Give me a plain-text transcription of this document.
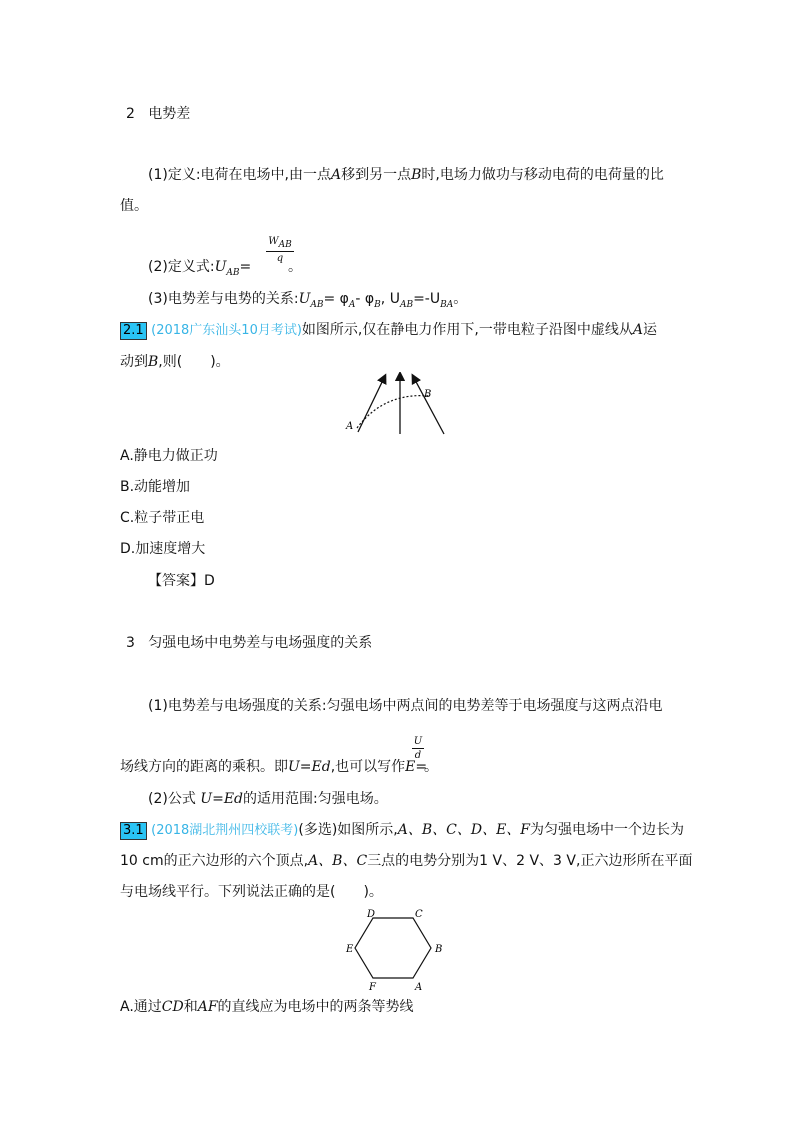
2 电势差
(1)定义:电荷在电场中,由一点A移到另一点B时,电场力做功与移动电荷的电荷量的比
值。
(2)定义式$:U_{AB}=$
$W_{AB}$
q
。
(3)电势差与电势的关系$:U_{AB}= \varphi_A-$ $\varphi_B$, $U_{AB}=-U_{BA}$。
2.1 (2018广东汕头10月考试)如图所示,仅在静电力作用下,一带电粒子沿图中虚线从A运
动到B,则(　　)。
A
B
A.静电力做正功
B.动能增加
C.粒子带正电
D.加速度增大
【答案】D
3 匀强电场中电势差与电场强度的关系
(1)电势差与电场强度的关系:匀强电场中两点间的电势差等于电场强度与这两点沿电
场线方向的距离的乘积。即U=Ed,也可以写作E=
U
d
。
(2)公式 U=Ed的适用范围:匀强电场。
3.1 (2018湖北荆州四校联考)(多选)如图所示,A、B、C、D、E、F为匀强电场中一个边长为
10 cm的正六边形的六个顶点,A、B、C三点的电势分别为1 V、2 V、3 V,正六边形所在平面
与电场线平行。下列说法正确的是(　　)。
A
B
C
D
E
F
A.通过CD和AF的直线应为电场中的两条等势线
